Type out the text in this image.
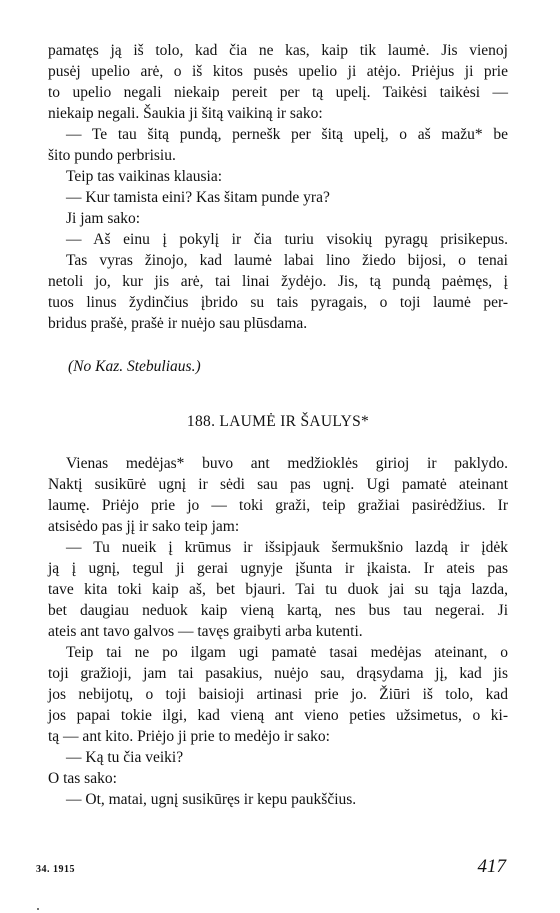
pamatęs ją iš tolo, kad čia ne kas, kaip tik laumė. Jis vienoj
pusėj upelio arė, o iš kitos pusės upelio ji atėjo. Priėjus ji prie
to upelio negali niekaip pereit per tą upelį. Taikėsi taikėsi —
niekaip negali. Šaukia ji šitą vaikiną ir sako:
— Te tau šitą pundą, pernešk per šitą upelį, o aš mažu* be
šito pundo perbrisiu.
Teip tas vaikinas klausia:
— Kur tamista eini? Kas šitam punde yra?
Ji jam sako:
— Aš einu į pokylį ir čia turiu visokių pyragų prisikepus.
Tas vyras žinojo, kad laumė labai lino žiedo bijosi, o tenai
netoli jo, kur jis arė, tai linai žydėjo. Jis, tą pundą paėmęs, į
tuos linus žydinčius įbrido su tais pyragais, o toji laumė per-
bridus prašė, prašė ir nuėjo sau plūsdama.
(No Kaz. Stebuliaus.)
188. LAUMĖ IR ŠAULYS*
Vienas medėjas* buvo ant medžioklės girioj ir paklydo.
Naktį susikūrė ugnį ir sėdi sau pas ugnį. Ugi pamatė ateinant
laumę. Priėjo prie jo — toki graži, teip gražiai pasirėdžius. Ir
atsisėdo pas jį ir sako teip jam:
— Tu nueik į krūmus ir išsipjauk šermukšnio lazdą ir įdėk
ją į ugnį, tegul ji gerai ugnyje įšunta ir įkaista. Ir ateis pas
tave kita toki kaip aš, bet bjauri. Tai tu duok jai su tąja lazda,
bet daugiau neduok kaip vieną kartą, nes bus tau negerai. Ji
ateis ant tavo galvos — tavęs graibyti arba kutenti.
Teip tai ne po ilgam ugi pamatė tasai medėjas ateinant, o
toji gražioji, jam tai pasakius, nuėjo sau, drąsydama jį, kad jis
jos nebijotų, o toji baisioji artinasi prie jo. Žiūri iš tolo, kad
jos papai tokie ilgi, kad vieną ant vieno peties užsimetus, o ki-
tą — ant kito. Priėjo ji prie to medėjo ir sako:
— Ką tu čia veiki?
O tas sako:
— Ot, matai, ugnį susikūręs ir kepu paukščius.
34. 1915	417
